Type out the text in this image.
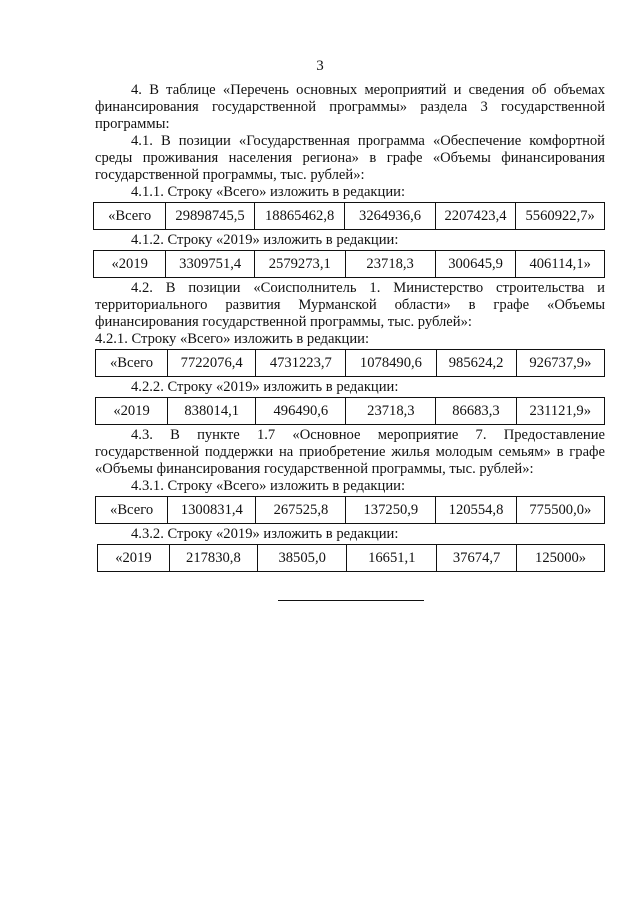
3

4. В таблице «Перечень основных мероприятий и сведения об объемах финансирования государственной программы» раздела 3 государственной программы:

4.1. В позиции «Государственная программа «Обеспечение комфортной среды проживания населения региона» в графе «Объемы финансирования государственной программы, тыс. рублей»:

4.1.1. Строку «Всего» изложить в редакции:

«Всего	29898745,5	18865462,8	3264936,6	2207423,4	5560922,7»

4.1.2. Строку «2019» изложить в редакции:

«2019	3309751,4	2579273,1	23718,3	300645,9	406114,1»

4.2. В позиции «Соисполнитель 1. Министерство строительства и территориального развития Мурманской области» в графе «Объемы финансирования государственной программы, тыс. рублей»:

4.2.1. Строку «Всего» изложить в редакции:

«Всего	7722076,4	4731223,7	1078490,6	985624,2	926737,9»

4.2.2. Строку «2019» изложить в редакции:

«2019	838014,1	496490,6	23718,3	86683,3	231121,9»

4.3. В пункте 1.7 «Основное мероприятие 7. Предоставление государственной поддержки на приобретение жилья молодым семьям» в графе «Объемы финансирования государственной программы, тыс. рублей»:

4.3.1. Строку «Всего» изложить в редакции:

«Всего	1300831,4	267525,8	137250,9	120554,8	775500,0»

4.3.2. Строку «2019» изложить в редакции:

«2019	217830,8	38505,0	16651,1	37674,7	125000»
